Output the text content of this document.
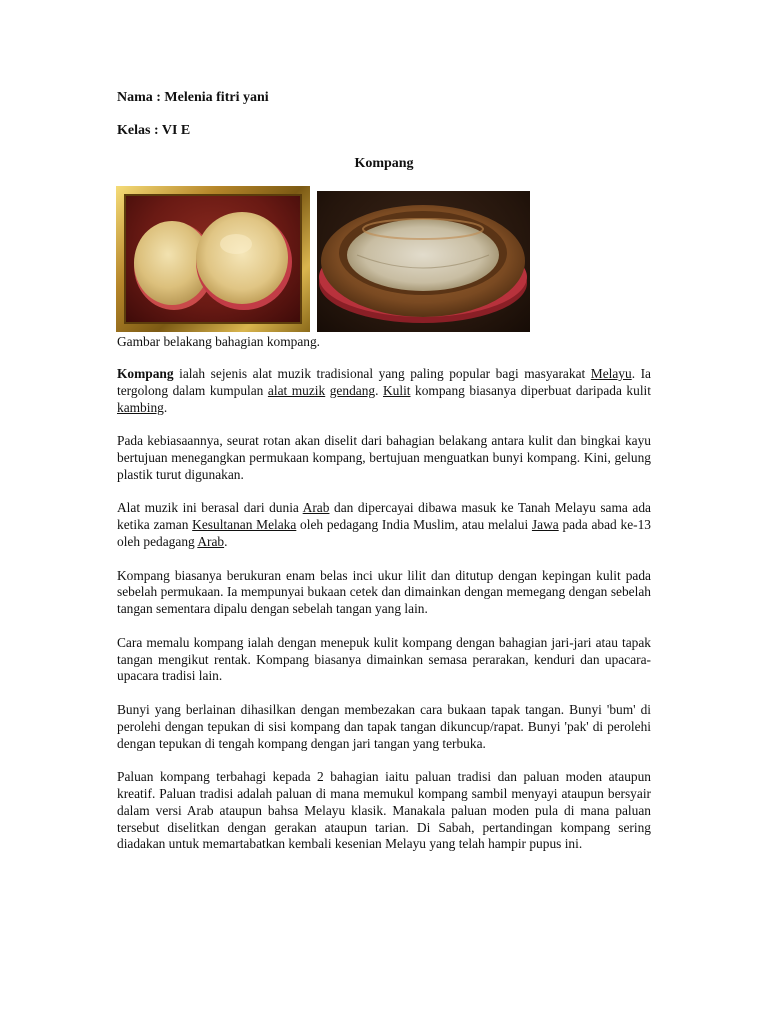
Nama : Melenia fitri yani
Kelas : VI E
Kompang
Gambar belakang bahagian kompang.

Kompang ialah sejenis alat muzik tradisional yang paling popular bagi masyarakat Melayu. Ia tergolong dalam kumpulan alat muzik gendang. Kulit kompang biasanya diperbuat daripada kulit kambing.

Pada kebiasaannya, seurat rotan akan diselit dari bahagian belakang antara kulit dan bingkai kayu bertujuan menegangkan permukaan kompang, bertujuan menguatkan bunyi kompang. Kini, gelung plastik turut digunakan.

Alat muzik ini berasal dari dunia Arab dan dipercayai dibawa masuk ke Tanah Melayu sama ada ketika zaman Kesultanan Melaka oleh pedagang India Muslim, atau melalui Jawa pada abad ke-13 oleh pedagang Arab.

Kompang biasanya berukuran enam belas inci ukur lilit dan ditutup dengan kepingan kulit pada sebelah permukaan. Ia mempunyai bukaan cetek dan dimainkan dengan memegang dengan sebelah tangan sementara dipalu dengan sebelah tangan yang lain.

Cara memalu kompang ialah dengan menepuk kulit kompang dengan bahagian jari-jari atau tapak tangan mengikut rentak. Kompang biasanya dimainkan semasa perarakan, kenduri dan upacara-upacara tradisi lain.

Bunyi yang berlainan dihasilkan dengan membezakan cara bukaan tapak tangan. Bunyi 'bum' di perolehi dengan tepukan di sisi kompang dan tapak tangan dikuncup/rapat. Bunyi 'pak' di perolehi dengan tepukan di tengah kompang dengan jari tangan yang terbuka.

Paluan kompang terbahagi kepada 2 bahagian iaitu paluan tradisi dan paluan moden ataupun kreatif. Paluan tradisi adalah paluan di mana memukul kompang sambil menyayi ataupun bersyair dalam versi Arab ataupun bahsa Melayu klasik. Manakala paluan moden pula di mana paluan tersebut diselitkan dengan gerakan ataupun tarian. Di Sabah, pertandingan kompang sering diadakan untuk memartabatkan kembali kesenian Melayu yang telah hampir pupus ini.
